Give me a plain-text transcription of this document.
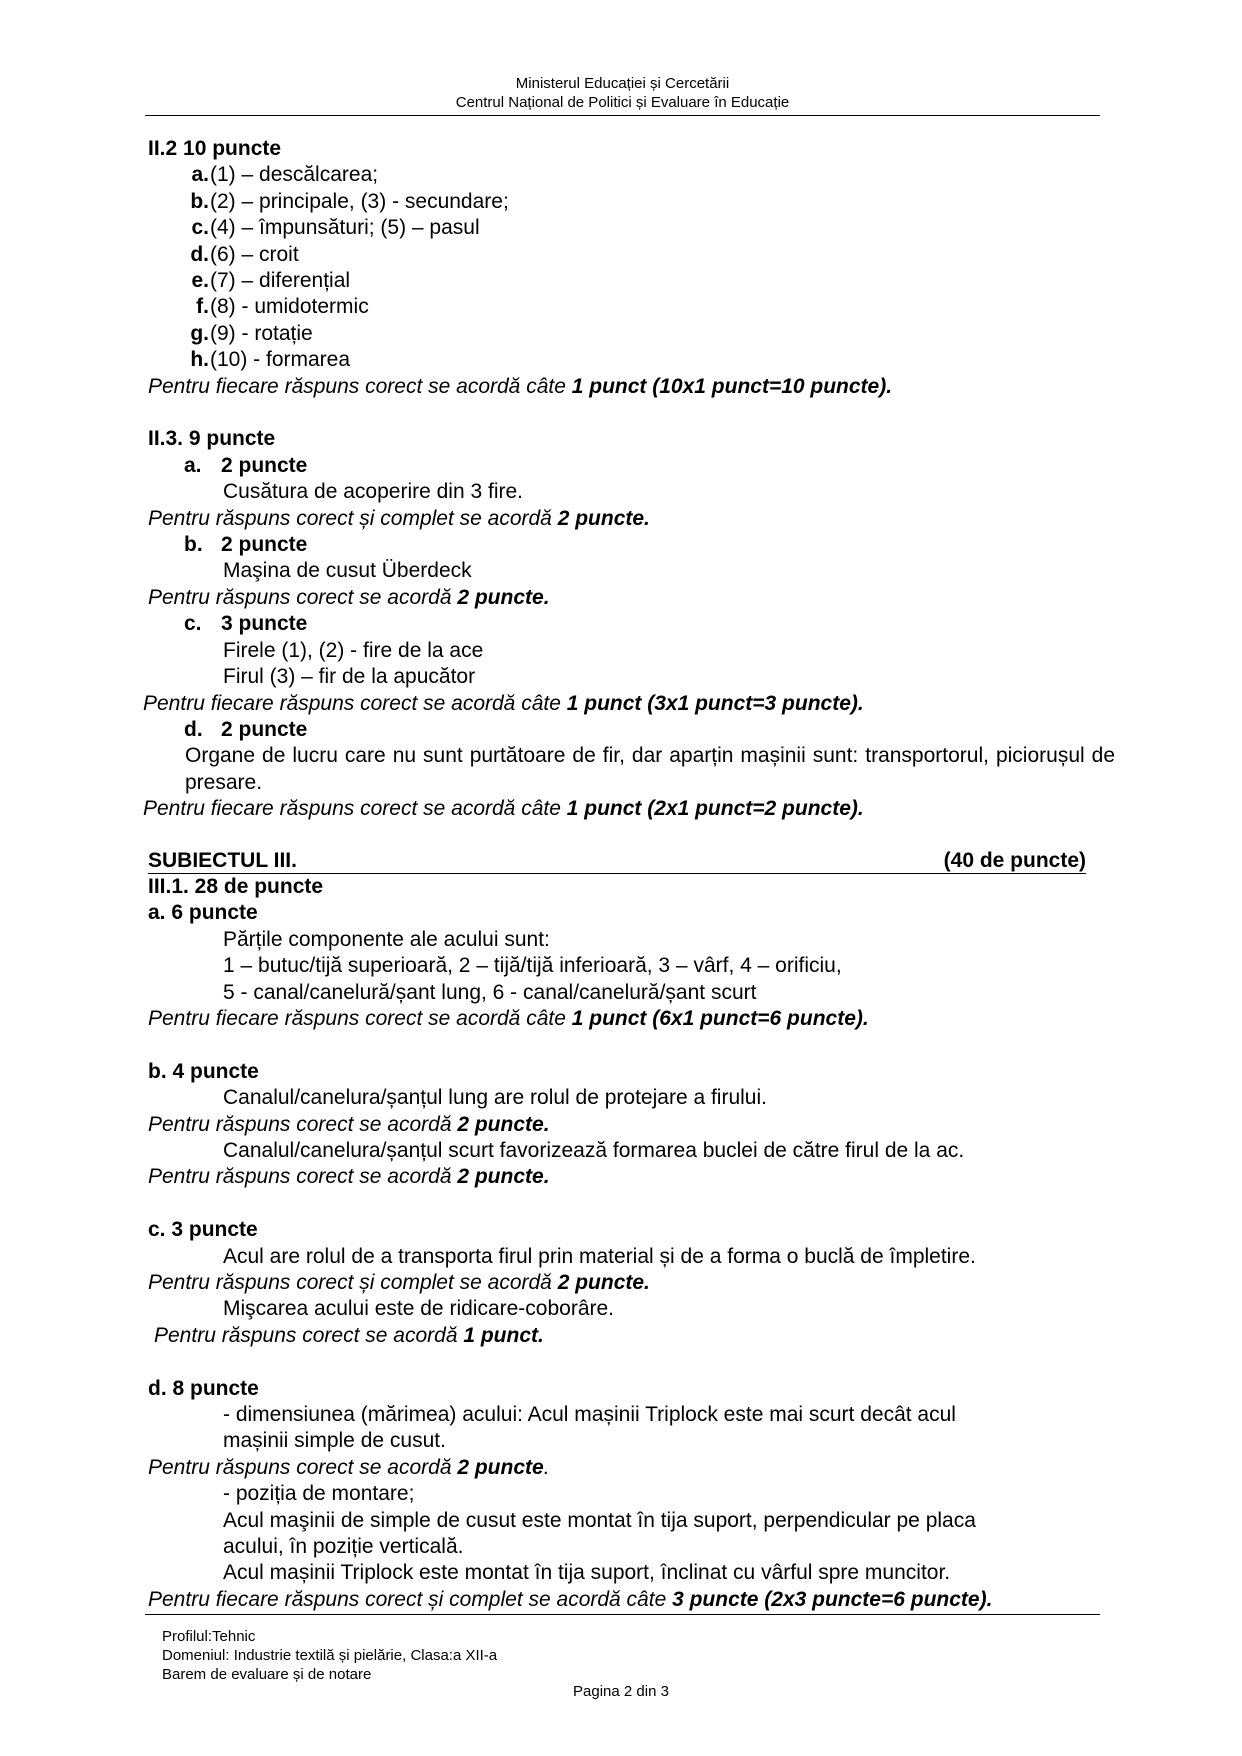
Ministerul Educației și Cercetării
Centrul Național de Politici și Evaluare în Educație
II.2 10 puncte
a.(1) – descălcarea;
b.(2) – principale, (3) - secundare;
c.(4) – împunsături; (5) – pasul
d.(6) – croit
e.(7) – diferențial
f.(8) - umidotermic
g.(9) - rotație
h.(10) - formarea
Pentru fiecare răspuns corect se acordă câte 1 punct (10x1 punct=10 puncte).
II.3. 9 puncte
a. 2 puncte
Cusătura de acoperire din 3 fire.
Pentru răspuns corect și complet se acordă 2 puncte.
b. 2 puncte
Maşina de cusut Überdeck
Pentru răspuns corect se acordă 2 puncte.
c. 3 puncte
Firele (1), (2) - fire de la ace
Firul (3) – fir de la apucător
Pentru fiecare răspuns corect se acordă câte 1 punct (3x1 punct=3 puncte).
d. 2 puncte
Organe de lucru care nu sunt purtătoare de fir, dar aparțin mașinii sunt: transportorul, piciorușul de presare.
Pentru fiecare răspuns corect se acordă câte 1 punct (2x1 punct=2 puncte).
SUBIECTUL III.	(40 de puncte)
III.1. 28 de puncte
a. 6 puncte
Părțile componente ale acului sunt:
1 – butuc/tijă superioară, 2 – tijă/tijă inferioară, 3 – vârf, 4 – orificiu,
5 - canal/canelură/șant lung, 6 - canal/canelură/șant scurt
Pentru fiecare răspuns corect se acordă câte 1 punct (6x1 punct=6 puncte).
b. 4 puncte
Canalul/canelura/șanțul lung are rolul de protejare a firului.
Pentru răspuns corect se acordă 2 puncte.
Canalul/canelura/șanțul scurt favorizează formarea buclei de către firul de la ac.
Pentru răspuns corect se acordă 2 puncte.
c. 3 puncte
Acul are rolul de a transporta firul prin material și de a forma o buclă de împletire.
Pentru răspuns corect și complet se acordă 2 puncte.
Mişcarea acului este de ridicare-coborâre.
Pentru răspuns corect se acordă 1 punct.
d. 8 puncte
- dimensiunea (mărimea) acului: Acul mașinii Triplock este mai scurt decât acul
mașinii simple de cusut.
Pentru răspuns corect se acordă 2 puncte.
- poziția de montare;
Acul maşinii de simple de cusut este montat în tija suport, perpendicular pe placa
acului, în poziție verticală.
Acul mașinii Triplock este montat în tija suport, înclinat cu vârful spre muncitor.
Pentru fiecare răspuns corect și complet se acordă câte 3 puncte (2x3 puncte=6 puncte).
Profilul:Tehnic
Domeniul: Industrie textilă și pielărie, Clasa:a XII-a
Barem de evaluare și de notare
Pagina 2 din 3
